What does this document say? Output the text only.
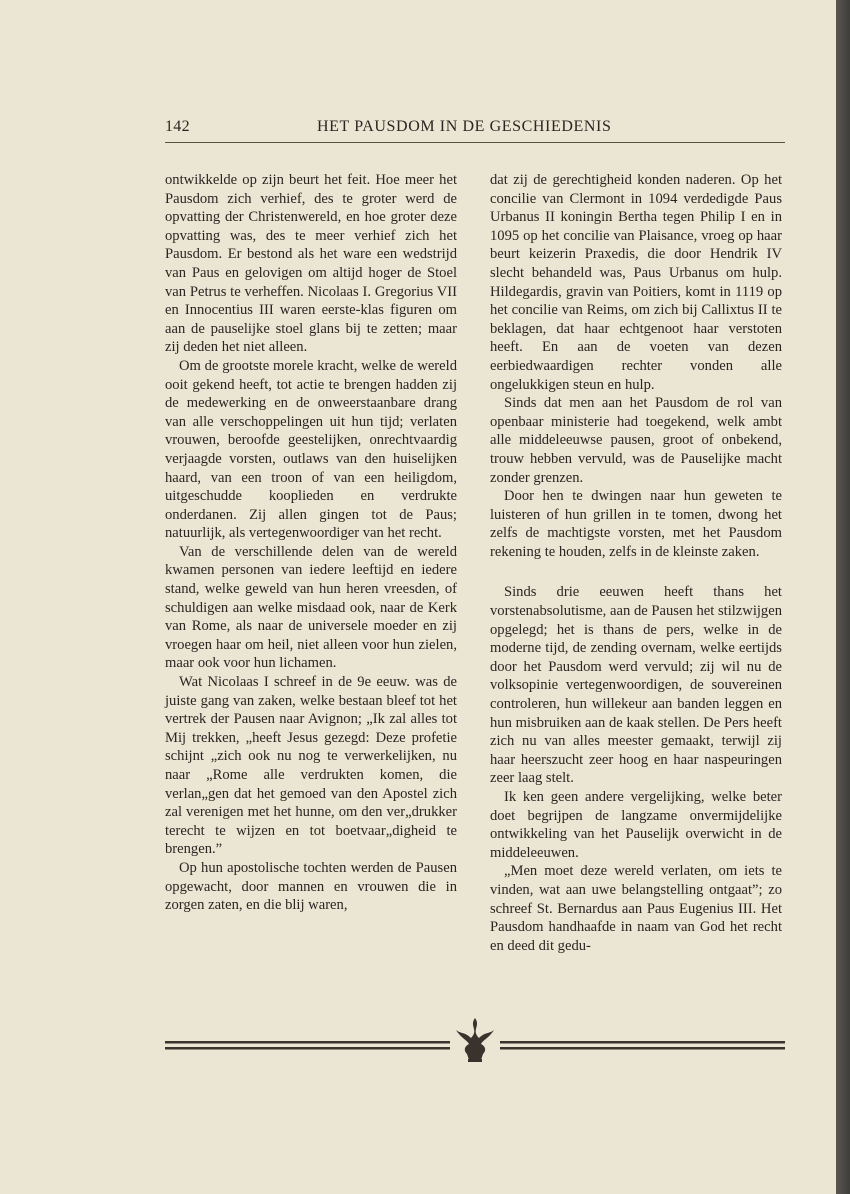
142	HET PAUSDOM IN DE GESCHIEDENIS

ontwikkelde op zijn beurt het feit. Hoe meer het Pausdom zich verhief, des te groter werd de opvatting der Christenwereld, en hoe groter deze opvatting was, des te meer verhief zich het Pausdom. Er bestond als het ware een wedstrijd van Paus en gelovigen om altijd hoger de Stoel van Petrus te verheffen. Nicolaas I. Gregorius VII en Innocentius III waren eerste-klas figuren om aan de pauselijke stoel glans bij te zetten; maar zij deden het niet alleen.

Om de grootste morele kracht, welke de wereld ooit gekend heeft, tot actie te brengen hadden zij de medewerking en de onweerstaanbare drang van alle verschoppelingen uit hun tijd; verlaten vrouwen, beroofde geestelijken, onrechtvaardig verjaagde vorsten, outlaws van den huiselijken haard, van een troon of van een heiligdom, uitgeschudde kooplieden en verdrukte onderdanen. Zij allen gingen tot de Paus; natuurlijk, als vertegenwoordiger van het recht.

Van de verschillende delen van de wereld kwamen personen van iedere leeftijd en iedere stand, welke geweld van hun heren vreesden, of schuldigen aan welke misdaad ook, naar de Kerk van Rome, als naar de universele moeder en zij vroegen haar om heil, niet alleen voor hun zielen, maar ook voor hun lichamen.

Wat Nicolaas I schreef in de 9e eeuw. was de juiste gang van zaken, welke bestaan bleef tot het vertrek der Pausen naar Avignon; „Ik zal alles tot Mij trekken, „heeft Jesus gezegd: Deze profetie schijnt „zich ook nu nog te verwerkelijken, nu naar „Rome alle verdrukten komen, die verlan„gen dat het gemoed van den Apostel zich zal verenigen met het hunne, om den ver„drukker terecht te wijzen en tot boetvaar„digheid te brengen.”

Op hun apostolische tochten werden de Pausen opgewacht, door mannen en vrouwen die in zorgen zaten, en die blij waren,

dat zij de gerechtigheid konden naderen. Op het concilie van Clermont in 1094 verdedigde Paus Urbanus II koningin Bertha tegen Philip I en in 1095 op het concilie van Plaisance, vroeg op haar beurt keizerin Praxedis, die door Hendrik IV slecht behandeld was, Paus Urbanus om hulp. Hildegardis, gravin van Poitiers, komt in 1119 op het concilie van Reims, om zich bij Callixtus II te beklagen, dat haar echtgenoot haar verstoten heeft. En aan de voeten van dezen eerbiedwaardigen rechter vonden alle ongelukkigen steun en hulp.

Sinds dat men aan het Pausdom de rol van openbaar ministerie had toegekend, welk ambt alle middeleeuwse pausen, groot of onbekend, trouw hebben vervuld, was de Pauselijke macht zonder grenzen.

Door hen te dwingen naar hun geweten te luisteren of hun grillen in te tomen, dwong het zelfs de machtigste vorsten, met het Pausdom rekening te houden, zelfs in de kleinste zaken.

Sinds drie eeuwen heeft thans het vorstenabsolutisme, aan de Pausen het stilzwijgen opgelegd; het is thans de pers, welke in de moderne tijd, de zending overnam, welke eertijds door het Pausdom werd vervuld; zij wil nu de volksopinie vertegenwoordigen, de souvereinen controleren, hun willekeur aan banden leggen en hun misbruiken aan de kaak stellen. De Pers heeft zich nu van alles meester gemaakt, terwijl zij haar heerszucht zeer hoog en haar naspeuringen zeer laag stelt.

Ik ken geen andere vergelijking, welke beter doet begrijpen de langzame onvermijdelijke ontwikkeling van het Pauselijk overwicht in de middeleeuwen.

„Men moet deze wereld verlaten, om iets te vinden, wat aan uwe belangstelling ontgaat”; zo schreef St. Bernardus aan Paus Eugenius III. Het Pausdom handhaafde in naam van God het recht en deed dit gedu-
